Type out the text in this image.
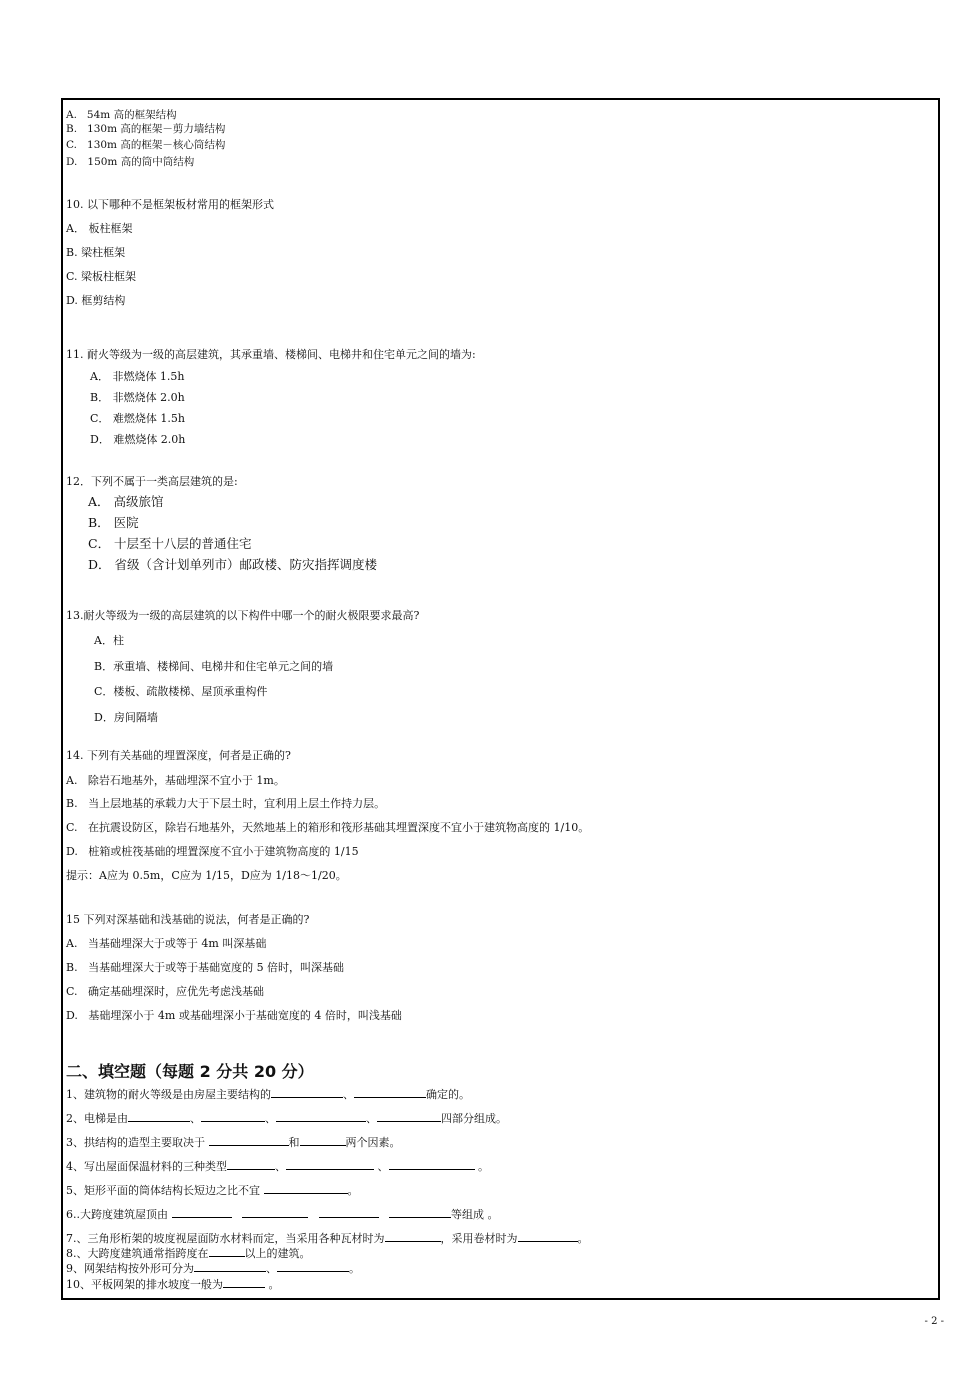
A.   54m 高的框架结构
B.   130m 高的框架－剪力墙结构
C.   130m 高的框架－核心筒结构
D.   150m 高的筒中筒结构
10. 以下哪种不是框架板材常用的框架形式
A． 板柱框架
B. 梁柱框架
C. 梁板柱框架
D. 框剪结构
11. 耐火等级为一级的高层建筑，其承重墙、楼梯间、电梯井和住宅单元之间的墙为:
A． 非燃烧体 1.5h
B． 非燃烧体 2.0h
C． 难燃烧体 1.5h
D． 难燃烧体 2.0h
12．下列不属于一类高层建筑的是:
A． 高级旅馆
B． 医院
C． 十层至十八层的普通住宅
D． 省级（含计划单列市）邮政楼、防灾指挥调度楼
13.耐火等级为一级的高层建筑的以下构件中哪一个的耐火极限要求最高?
A．柱
B．承重墙、楼梯间、电梯井和住宅单元之间的墙
C．楼板、疏散楼梯、屋顶承重构件
D．房间隔墙
14. 下列有关基础的埋置深度，何者是正确的?
A.   除岩石地基外，基础埋深不宜小于 1m。
B.   当上层地基的承载力大于下层土时，宜利用上层土作持力层。
C.   在抗震设防区，除岩石地基外，天然地基上的箱形和筏形基础其埋置深度不宜小于建筑物高度的 1/10。
D.   桩箱或桩筏基础的埋置深度不宜小于建筑物高度的 1/15
提示：A应为 0.5m，C应为 1/15，D应为 1/18～1/20。
15 下列对深基础和浅基础的说法，何者是正确的?
A.   当基础埋深大于或等于 4m 叫深基础
B.   当基础埋深大于或等于基础宽度的 5 倍时，叫深基础
C.   确定基础埋深时，应优先考虑浅基础
D.   基础埋深小于 4m 或基础埋深小于基础宽度的 4 倍时，叫浅基础
二、填空题（每题 2 分共 20 分）
1、建筑物的耐火等级是由房屋主要结构的	、	确定的。
2、电梯是由	、	、	、	四部分组成。
3、拱结构的造型主要取决于	和	两个因素。
4、写出屋面保温材料的三种类型	、	、	。
5、矩形平面的筒体结构长短边之比不宜	。
6..大跨度建筑屋顶由	等组成 。
7.、三角形桁架的坡度视屋面防水材料而定，当采用各种瓦材时为	，采用卷材时为	。
8.、大跨度建筑通常指跨度在	以上的建筑。
9、网架结构按外形可分为	、	。
10、平板网架的排水坡度一般为	。
- 2 -
